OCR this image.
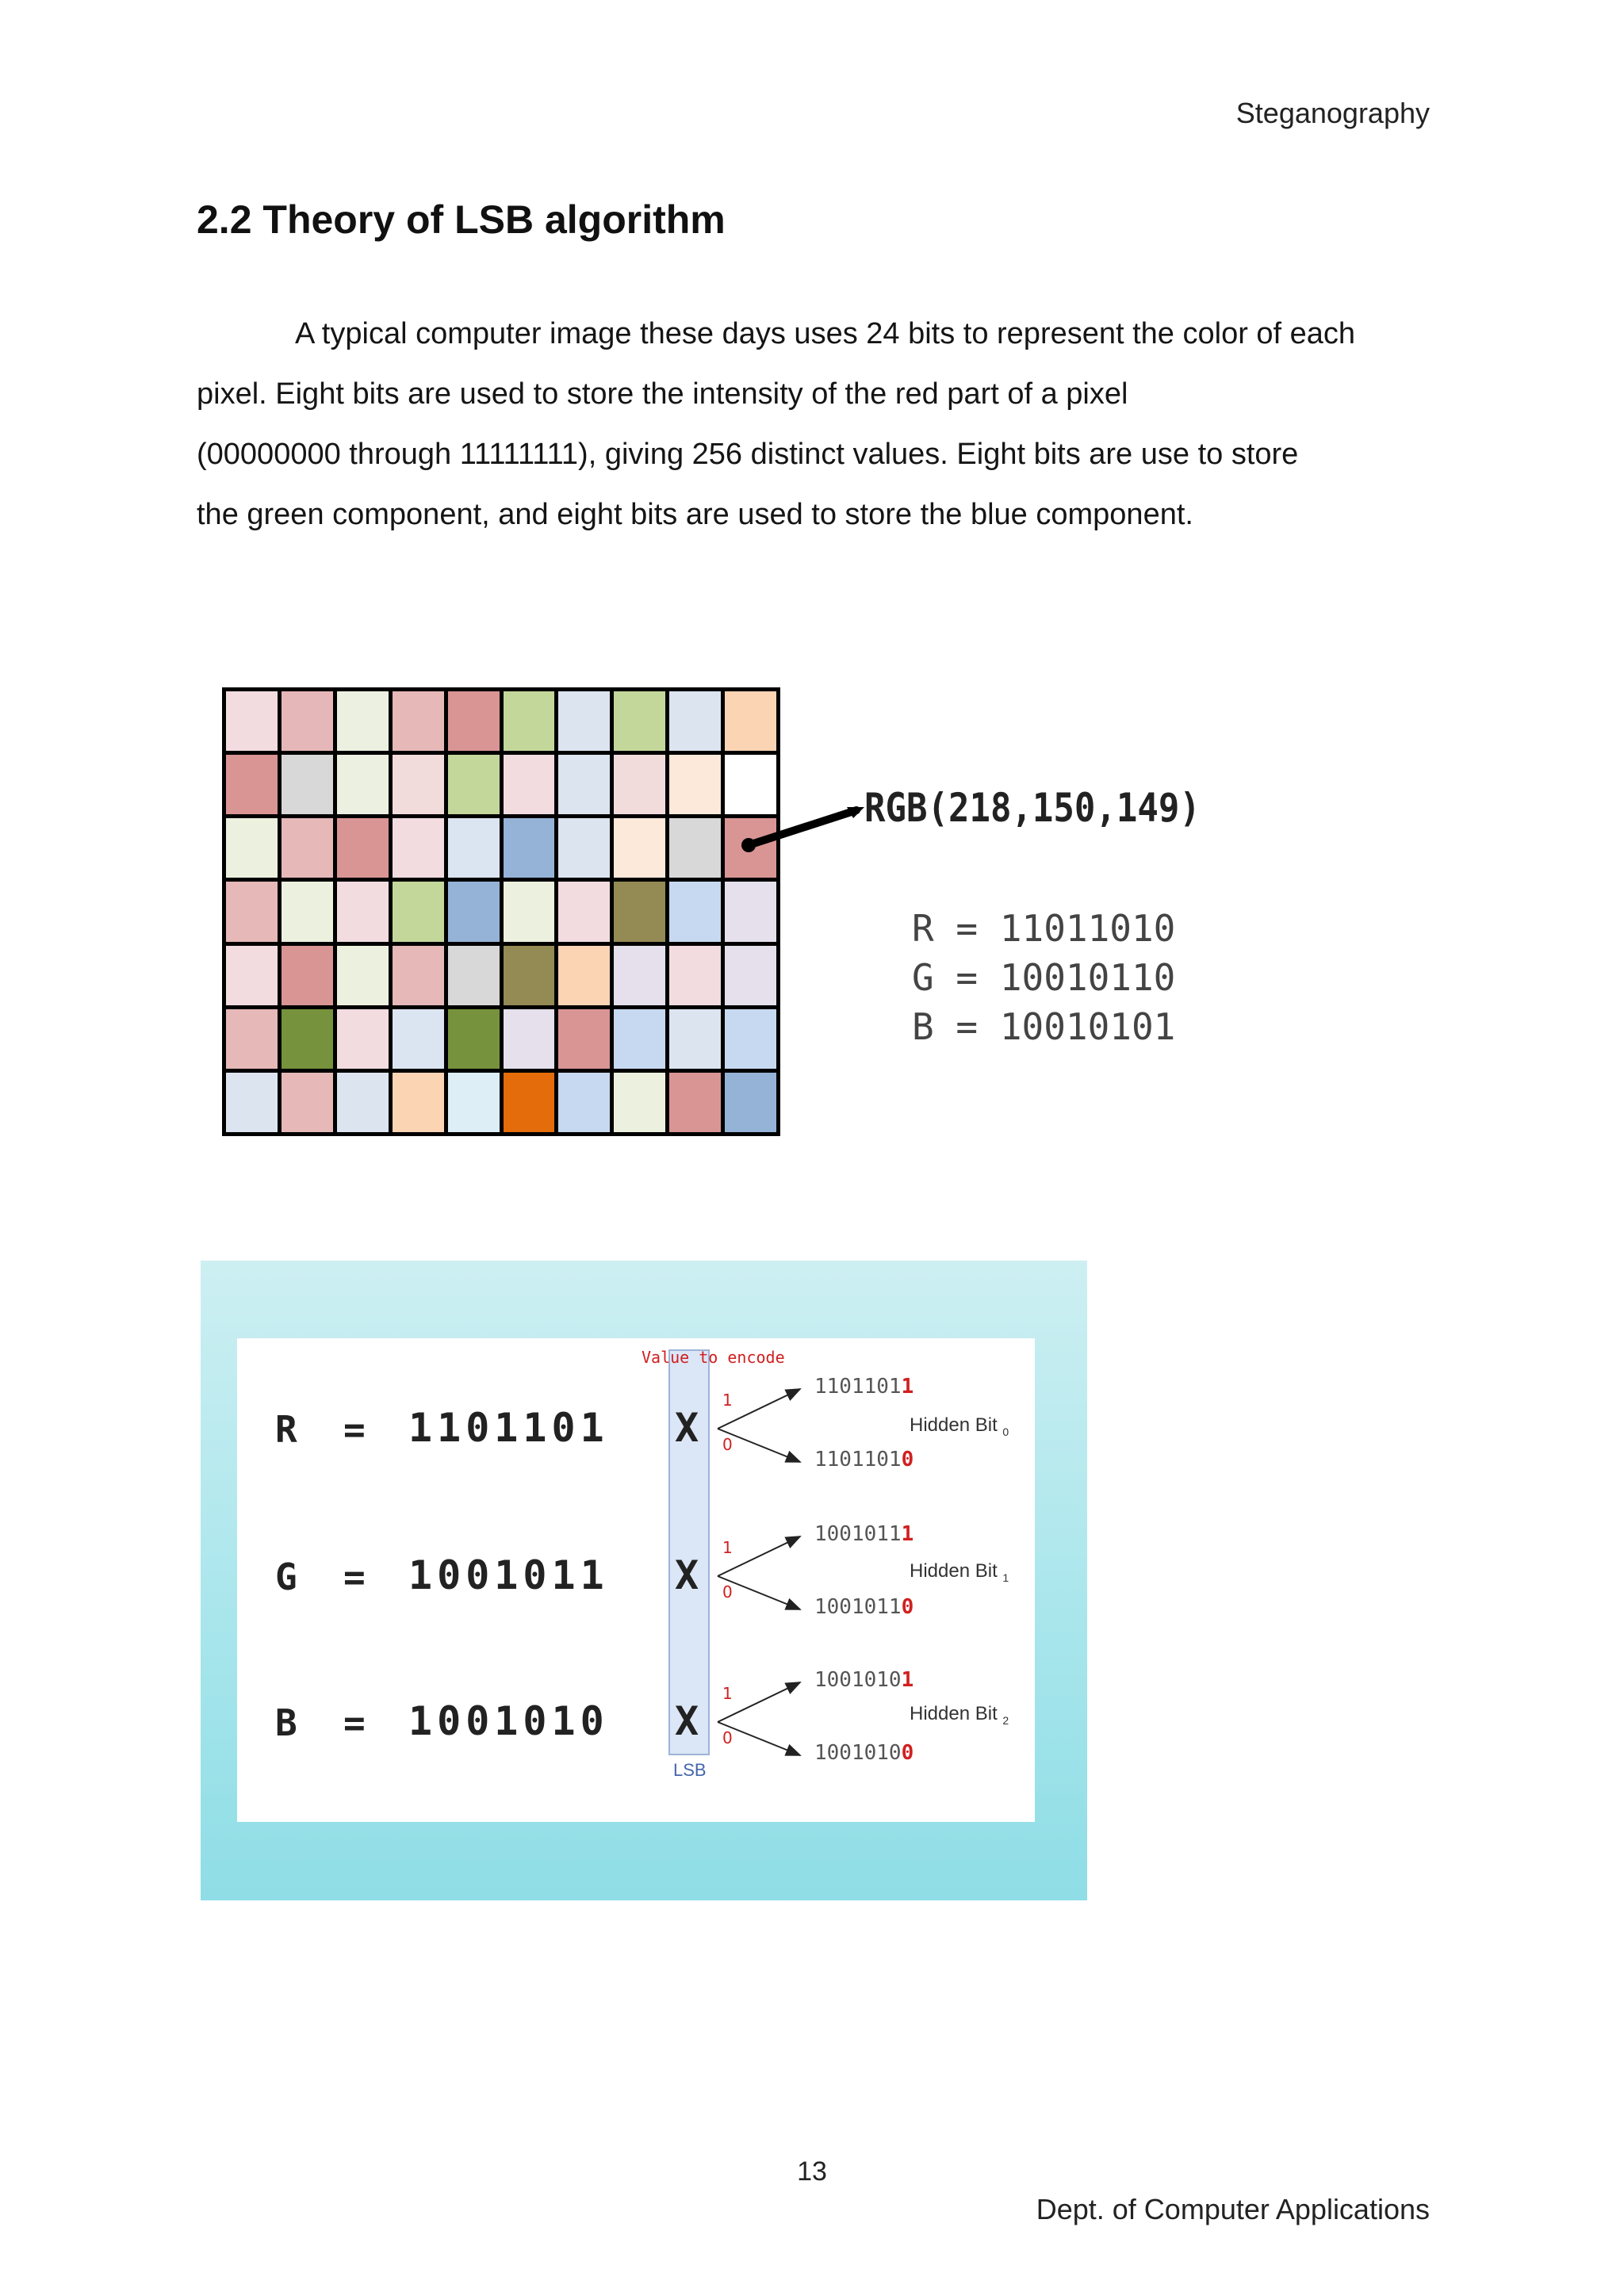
Steganography
2.2 Theory of LSB algorithm
A typical computer image these days uses 24 bits to represent the color of each
pixel. Eight bits are used to store the intensity of the red part of a pixel
(00000000 through 11111111), giving 256 distinct values. Eight bits are use to store
the green component, and eight bits are used to store the blue component.
RGB(218,150,149)
R = 11011010
G = 10010110
B = 10010101
Value to encode
LSB
R = 1101101 X
1
0
11011011
11011010
Hidden Bit $_0$
G = 1001011 X
1
0
10010111
10010110
Hidden Bit $_1$
B = 1001010 X
1
0
10010101
10010100
Hidden Bit $_2$
13
Dept. of Computer Applications
